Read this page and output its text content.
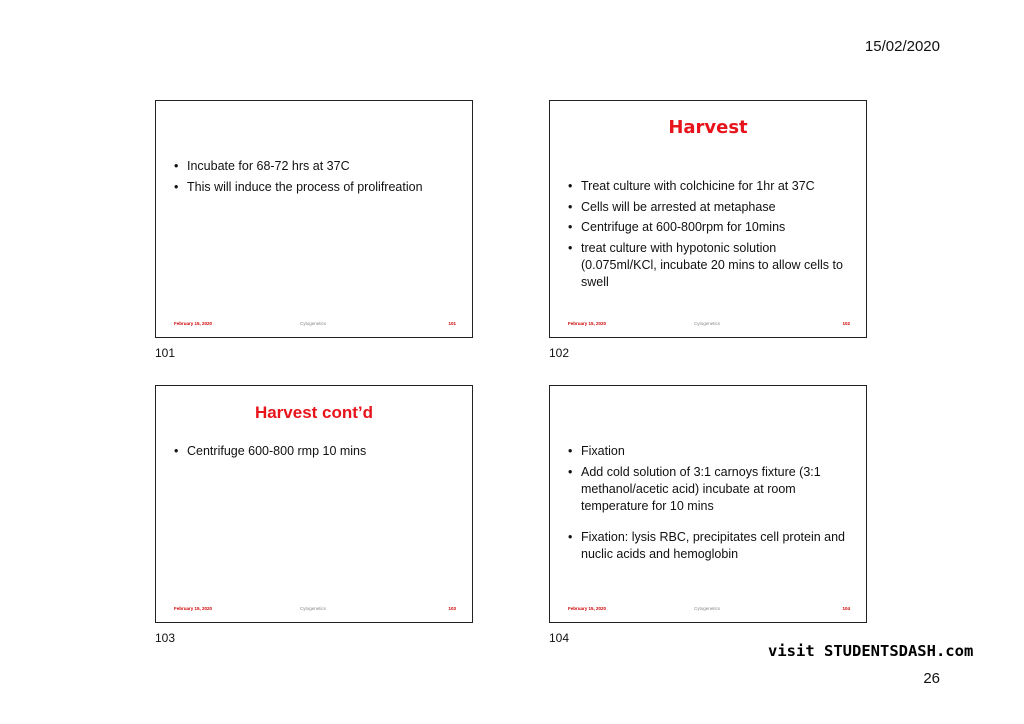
15/02/2020
• Incubate for 68-72 hrs at 37C
• This will induce the process of prolifreation
February 15, 2020	Cytogenetics	101
101
Harvest
• Treat culture with colchicine for 1hr at 37C
• Cells will be arrested at metaphase
• Centrifuge at 600-800rpm for 10mins
• treat culture with hypotonic solution (0.075ml/KCl, incubate 20 mins to allow cells to swell
February 15, 2020	Cytogenetics	102
102
Harvest cont’d
• Centrifuge 600-800 rmp 10 mins
February 15, 2020	Cytogenetics	103
103
• Fixation
• Add cold solution of 3:1 carnoys fixture (3:1 methanol/acetic acid) incubate at room temperature for 10 mins
• Fixation: lysis RBC, precipitates cell protein and nuclic acids and hemoglobin
February 15, 2020	Cytogenetics	104
104
visit STUDENTSDASH.com
26
